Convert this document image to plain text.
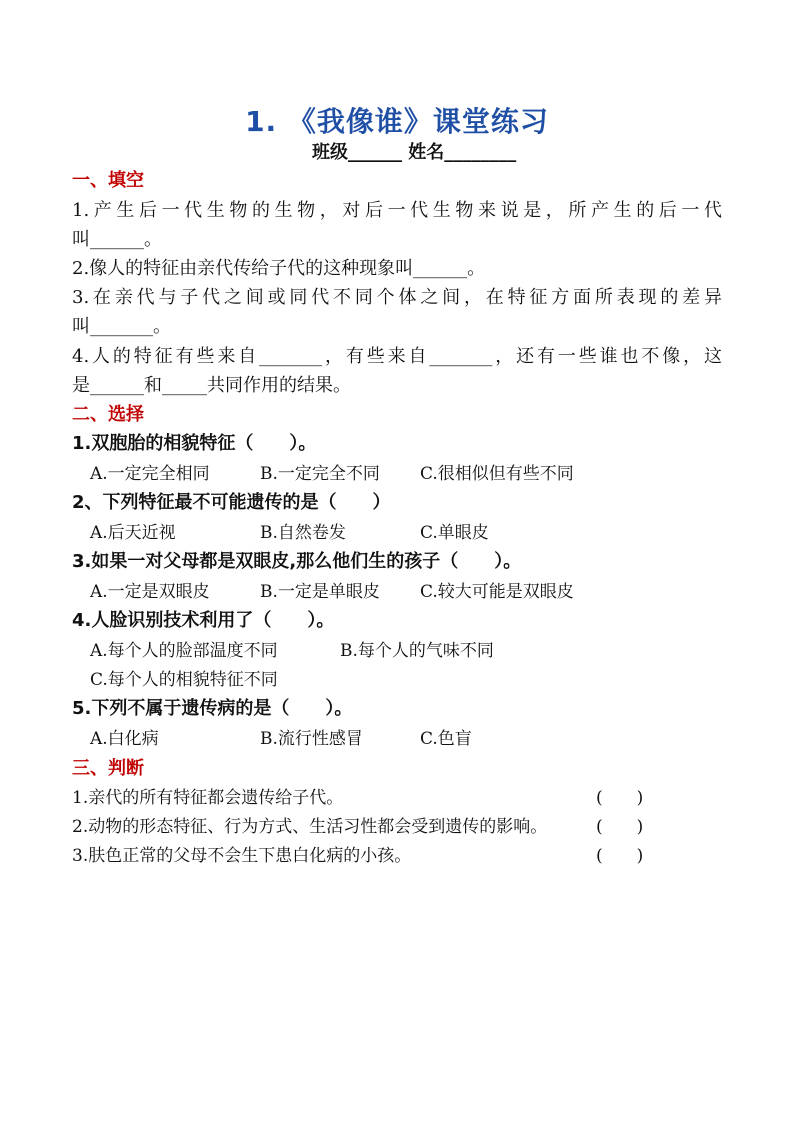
1. 《我像谁》课堂练习
班级______ 姓名________
一、填空
1.产生后一代生物的生物，对后一代生物来说是，所产生的后一代
叫______。
2.像人的特征由亲代传给子代的这种现象叫______。
3.在亲代与子代之间或同代不同个体之间，在特征方面所表现的差异
叫_______。
4.人的特征有些来自_______，有些来自_______，还有一些谁也不像，这
是______和_____共同作用的结果。
二、选择
1.双胞胎的相貌特征（　　）。
A.一定完全相同	B.一定完全不同 C.很相似但有些不同
2、下列特征最不可能遗传的是（　　）
A.后天近视	B.自然卷发	C.单眼皮
3.如果一对父母都是双眼皮,那么他们生的孩子（　　）。
A.一定是双眼皮	B.一定是单眼皮 C.较大可能是双眼皮
4.人脸识别技术利用了（　　）。
A.每个人的脸部温度不同	B.每个人的气味不同
C.每个人的相貌特征不同
5.下列不属于遗传病的是（　　）。
A.白化病	B.流行性感冒	C.色盲
三、判断
1.亲代的所有特征都会遗传给子代。	(　　)
2.动物的形态特征、行为方式、生活习性都会受到遗传的影响。	(　　)
3.肤色正常的父母不会生下患白化病的小孩。	(　　)
